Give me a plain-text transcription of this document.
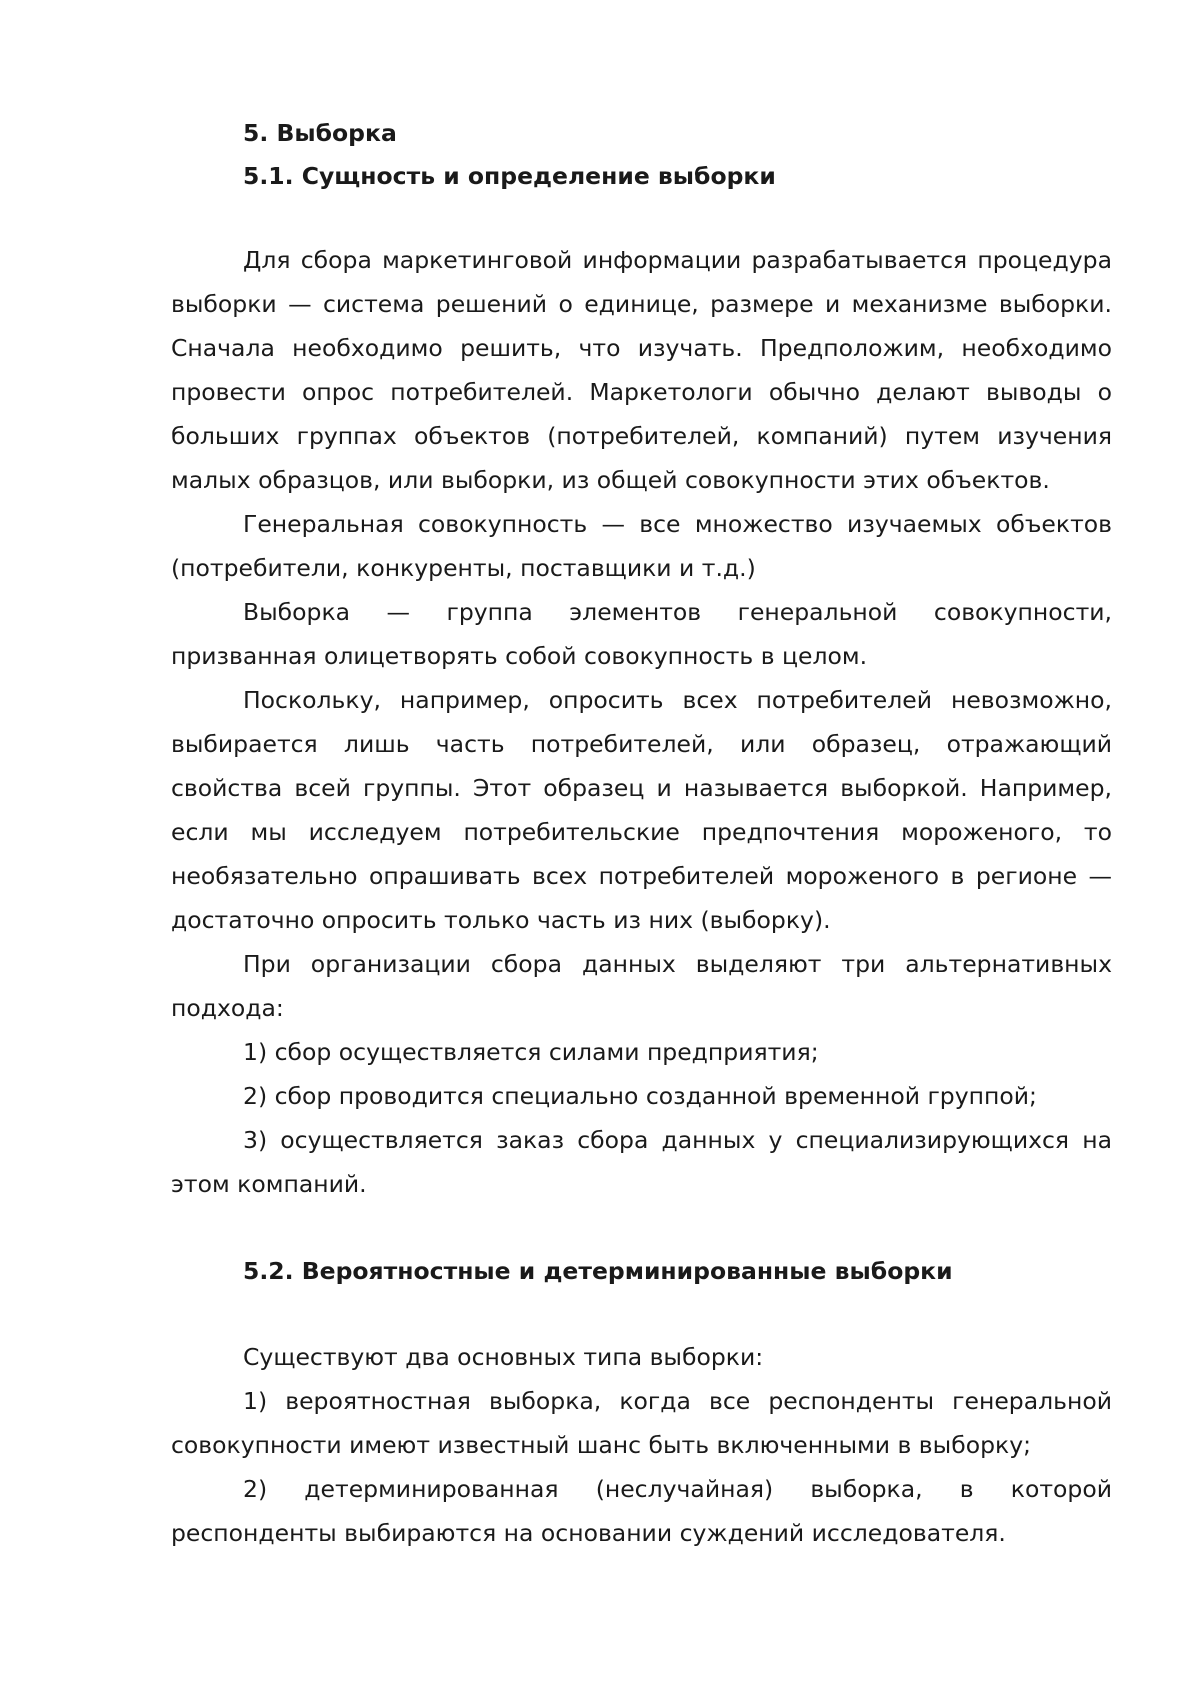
5. Выборка
5.1. Сущность и определение выборки

Для сбора маркетинговой информации разрабатывается процедура выборки — система решений о единице, размере и механизме выборки. Сначала необходимо решить, что изучать. Предположим, необходимо провести опрос потребителей. Маркетологи обычно делают выводы о больших группах объектов (потребителей, компаний) путем изучения малых образцов, или выборки, из общей совокупности этих объектов.

Генеральная совокупность — все множество изучаемых объектов (потребители, конкуренты, поставщики и т.д.)

Выборка — группа элементов генеральной совокупности, призванная олицетворять собой совокупность в целом.

Поскольку, например, опросить всех потребителей невозможно, выбирается лишь часть потребителей, или образец, отражающий свойства всей группы. Этот образец и называется выборкой. Например, если мы исследуем потребительские предпочтения мороженого, то необязательно опрашивать всех потребителей мороженого в регионе — достаточно опросить только часть из них (выборку).

При организации сбора данных выделяют три альтернативных подхода:

1) сбор осуществляется силами предприятия;

2) сбор проводится специально созданной временной группой;

3) осуществляется заказ сбора данных у специализирующихся на этом компаний.

5.2. Вероятностные и детерминированные выборки

Существуют два основных типа выборки:

1) вероятностная выборка, когда все респонденты генеральной совокупности имеют известный шанс быть включенными в выборку;

2) детерминированная (неслучайная) выборка, в которой респонденты выбираются на основании суждений исследователя.
